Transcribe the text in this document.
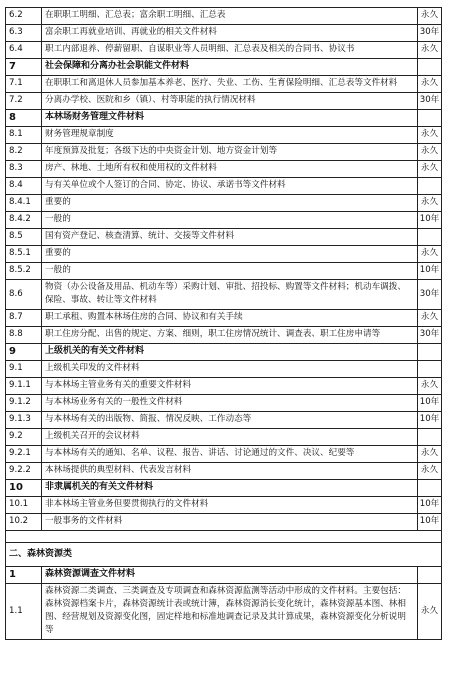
6.2	在职职工明细、汇总表；富余职工明细、汇总表	永久
6.3	富余职工再就业培训、再就业的相关文件材料	30年
6.4	职工内部退养、停薪留职、自谋职业等人员明细、汇总表及相关的合同书、协议书	永久
7	社会保障和分离办社会职能文件材料	
7.1	在职职工和离退休人员参加基本养老、医疗、失业、工伤、生育保险明细、汇总表等文件材料	永久
7.2	分离办学校、医院和乡（镇）、村等职能的执行情况材料	30年
8	本林场财务管理文件材料	
8.1	财务管理规章制度	永久
8.2	年度预算及批复；各级下达的中央资金计划、地方资金计划等	永久
8.3	房产、林地、土地所有权和使用权的文件材料	永久
8.4	与有关单位或个人签订的合同、协定、协议、承诺书等文件材料	
8.4.1	重要的	永久
8.4.2	一般的	10年
8.5	国有资产登记、核查清算、统计、交接等文件材料	
8.5.1	重要的	永久
8.5.2	一般的	10年
8.6	物资（办公设备及用品、机动车等）采购计划、审批、招投标、购置等文件材料；机动车调拨、保险、事故、转让等文件材料	30年
8.7	职工承租、购置本林场住房的合同、协议和有关手续	永久
8.8	职工住房分配、出售的规定、方案、细则，职工住房情况统计、调查表、职工住房申请等	30年
9	上级机关的有关文件材料	
9.1	上级机关印发的文件材料	
9.1.1	与本林场主管业务有关的重要文件材料	永久
9.1.2	与本林场业务有关的一般性文件材料	10年
9.1.3	与本林场有关的出版物、简报、情况反映、工作动态等	10年
9.2	上级机关召开的会议材料	
9.2.1	与本林场有关的通知、名单、议程、报告、讲话、讨论通过的文件、决议、纪要等	永久
9.2.2	本林场提供的典型材料、代表发言材料	永久
10	非隶属机关的有关文件材料	
10.1	非本林场主管业务但要贯彻执行的文件材料	10年
10.2	一般事务的文件材料	10年

二、森林资源类		
1	森林资源调查文件材料	
1.1	森林资源二类调查、三类调查及专项调查和森林资源监测等活动中形成的文件材料。主要包括：森林资源档案卡片，森林资源统计表或统计簿，森林资源消长变化统计，森林资源基本图、林相图、经营规划及资源变化图，固定样地和标准地调查记录及其计算成果，森林资源变化分析说明等	永久
